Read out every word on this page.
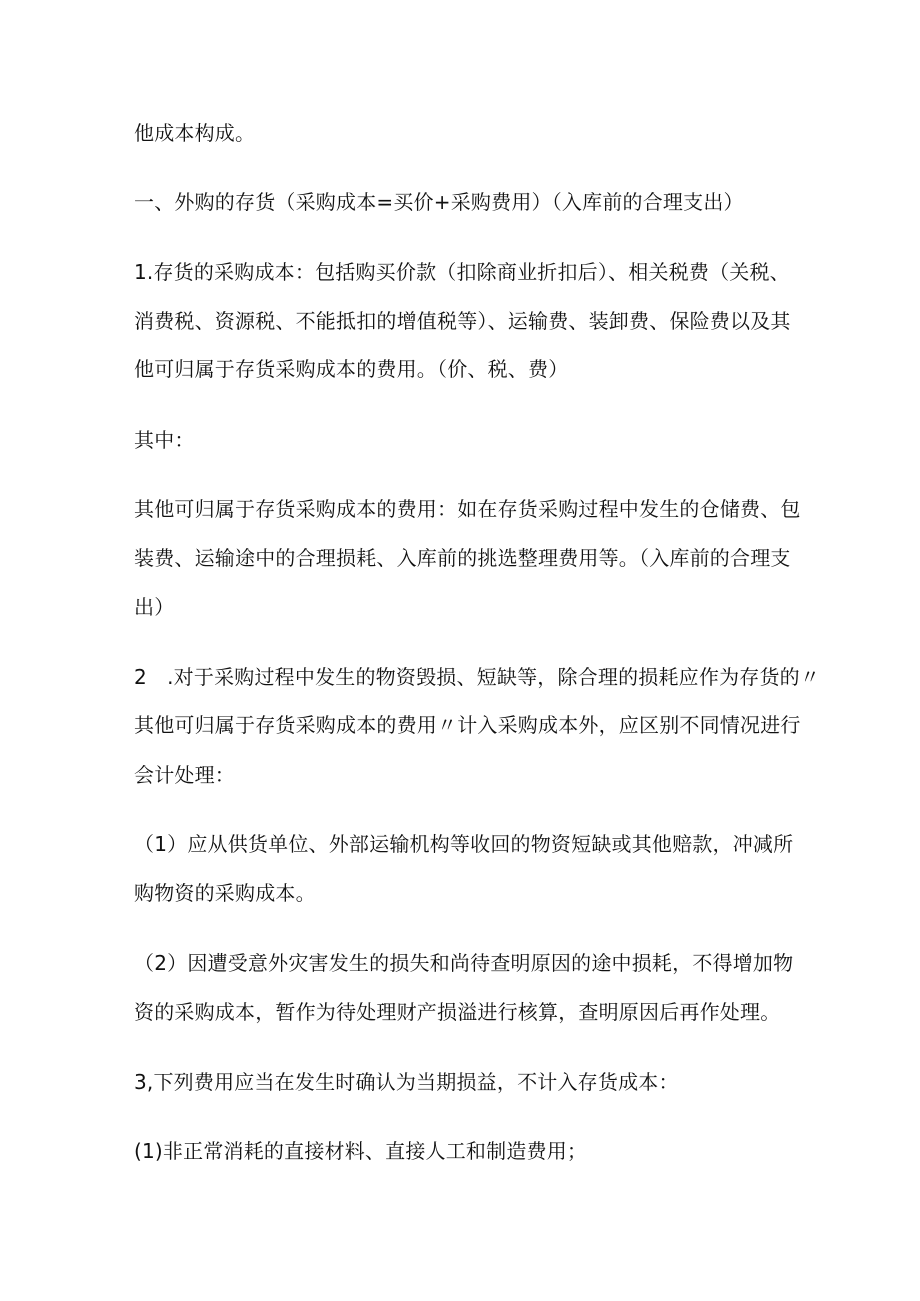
他成本构成。
一、外购的存货（采购成本=买价+采购费用）（入库前的合理支出）
1.存货的采购成本：包括购买价款（扣除商业折扣后）、相关税费（关税、
消费税、资源税、不能抵扣的增值税等）、运输费、装卸费、保险费以及其
他可归属于存货采购成本的费用。（价、税、费）
其中：
其他可归属于存货采购成本的费用：如在存货采购过程中发生的仓储费、包
装费、运输途中的合理损耗、入库前的挑选整理费用等。（入库前的合理支
出）
2　.对于采购过程中发生的物资毁损、短缺等，除合理的损耗应作为存货的〃
其他可归属于存货采购成本的费用〃计入采购成本外，应区别不同情况进行
会计处理：
（1）应从供货单位、外部运输机构等收回的物资短缺或其他赔款，冲减所
购物资的采购成本。
（2）因遭受意外灾害发生的损失和尚待查明原因的途中损耗，不得增加物
资的采购成本，暂作为待处理财产损溢进行核算，查明原因后再作处理。
3,下列费用应当在发生时确认为当期损益，不计入存货成本：
(1)非正常消耗的直接材料、直接人工和制造费用；
